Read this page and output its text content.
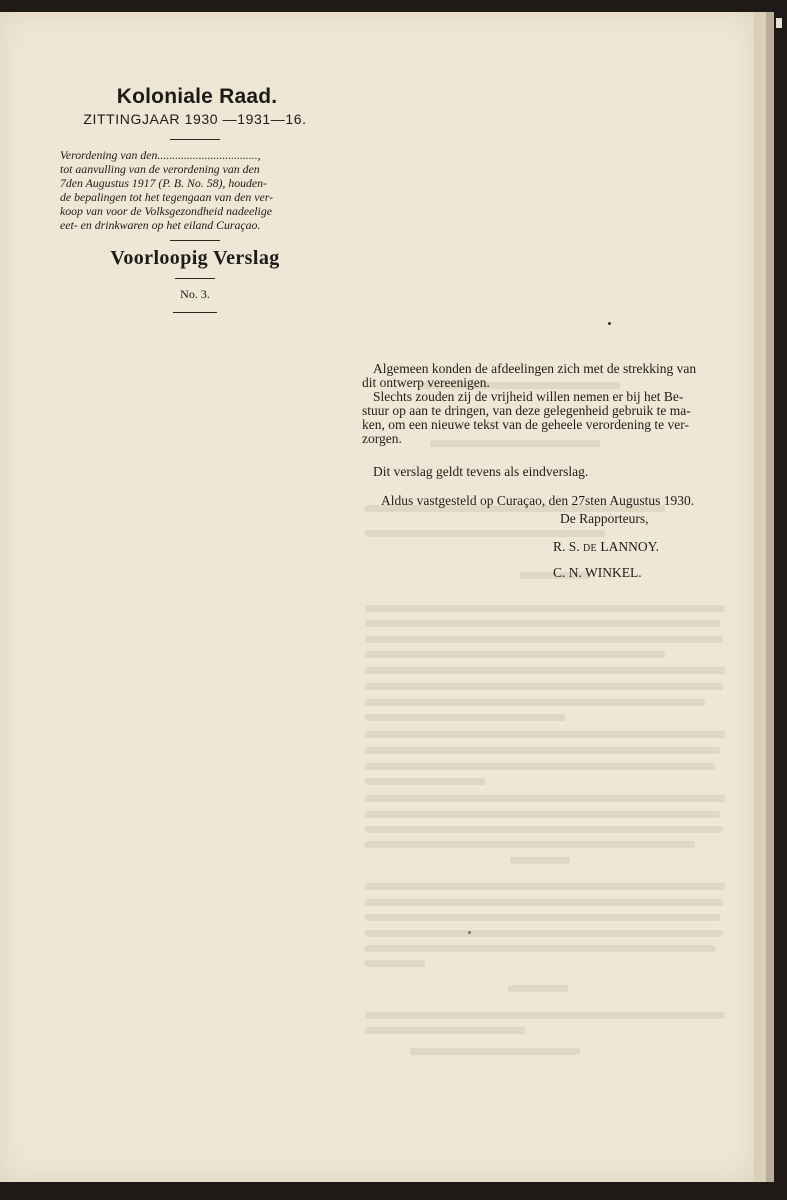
Koloniale Raad.

ZITTINGJAAR 1930 —1931—16.

Verordening van den..................................,
tot aanvulling van de verordening van den
7den Augustus 1917 (P. B. No. 58), houden-
de bepalingen tot het tegengaan van den ver-
koop van voor de Volksgezondheid nadeelige
eet- en drinkwaren op het eiland Curaçao.

Voorloopig Verslag

No. 3.

Algemeen konden de afdeelingen zich met de strekking van

dit ontwerp vereenigen.

Slechts zouden zij de vrijheid willen nemen er bij het Be-

stuur op aan te dringen, van deze gelegenheid gebruik te ma-

ken, om een nieuwe tekst van de geheele verordening te ver-

zorgen.

Dit verslag geldt tevens als eindverslag.

Aldus vastgesteld op Curaçao, den 27sten Augustus 1930.

De Rapporteurs,

R. S. DE LANNOY.

C. N. WINKEL.
